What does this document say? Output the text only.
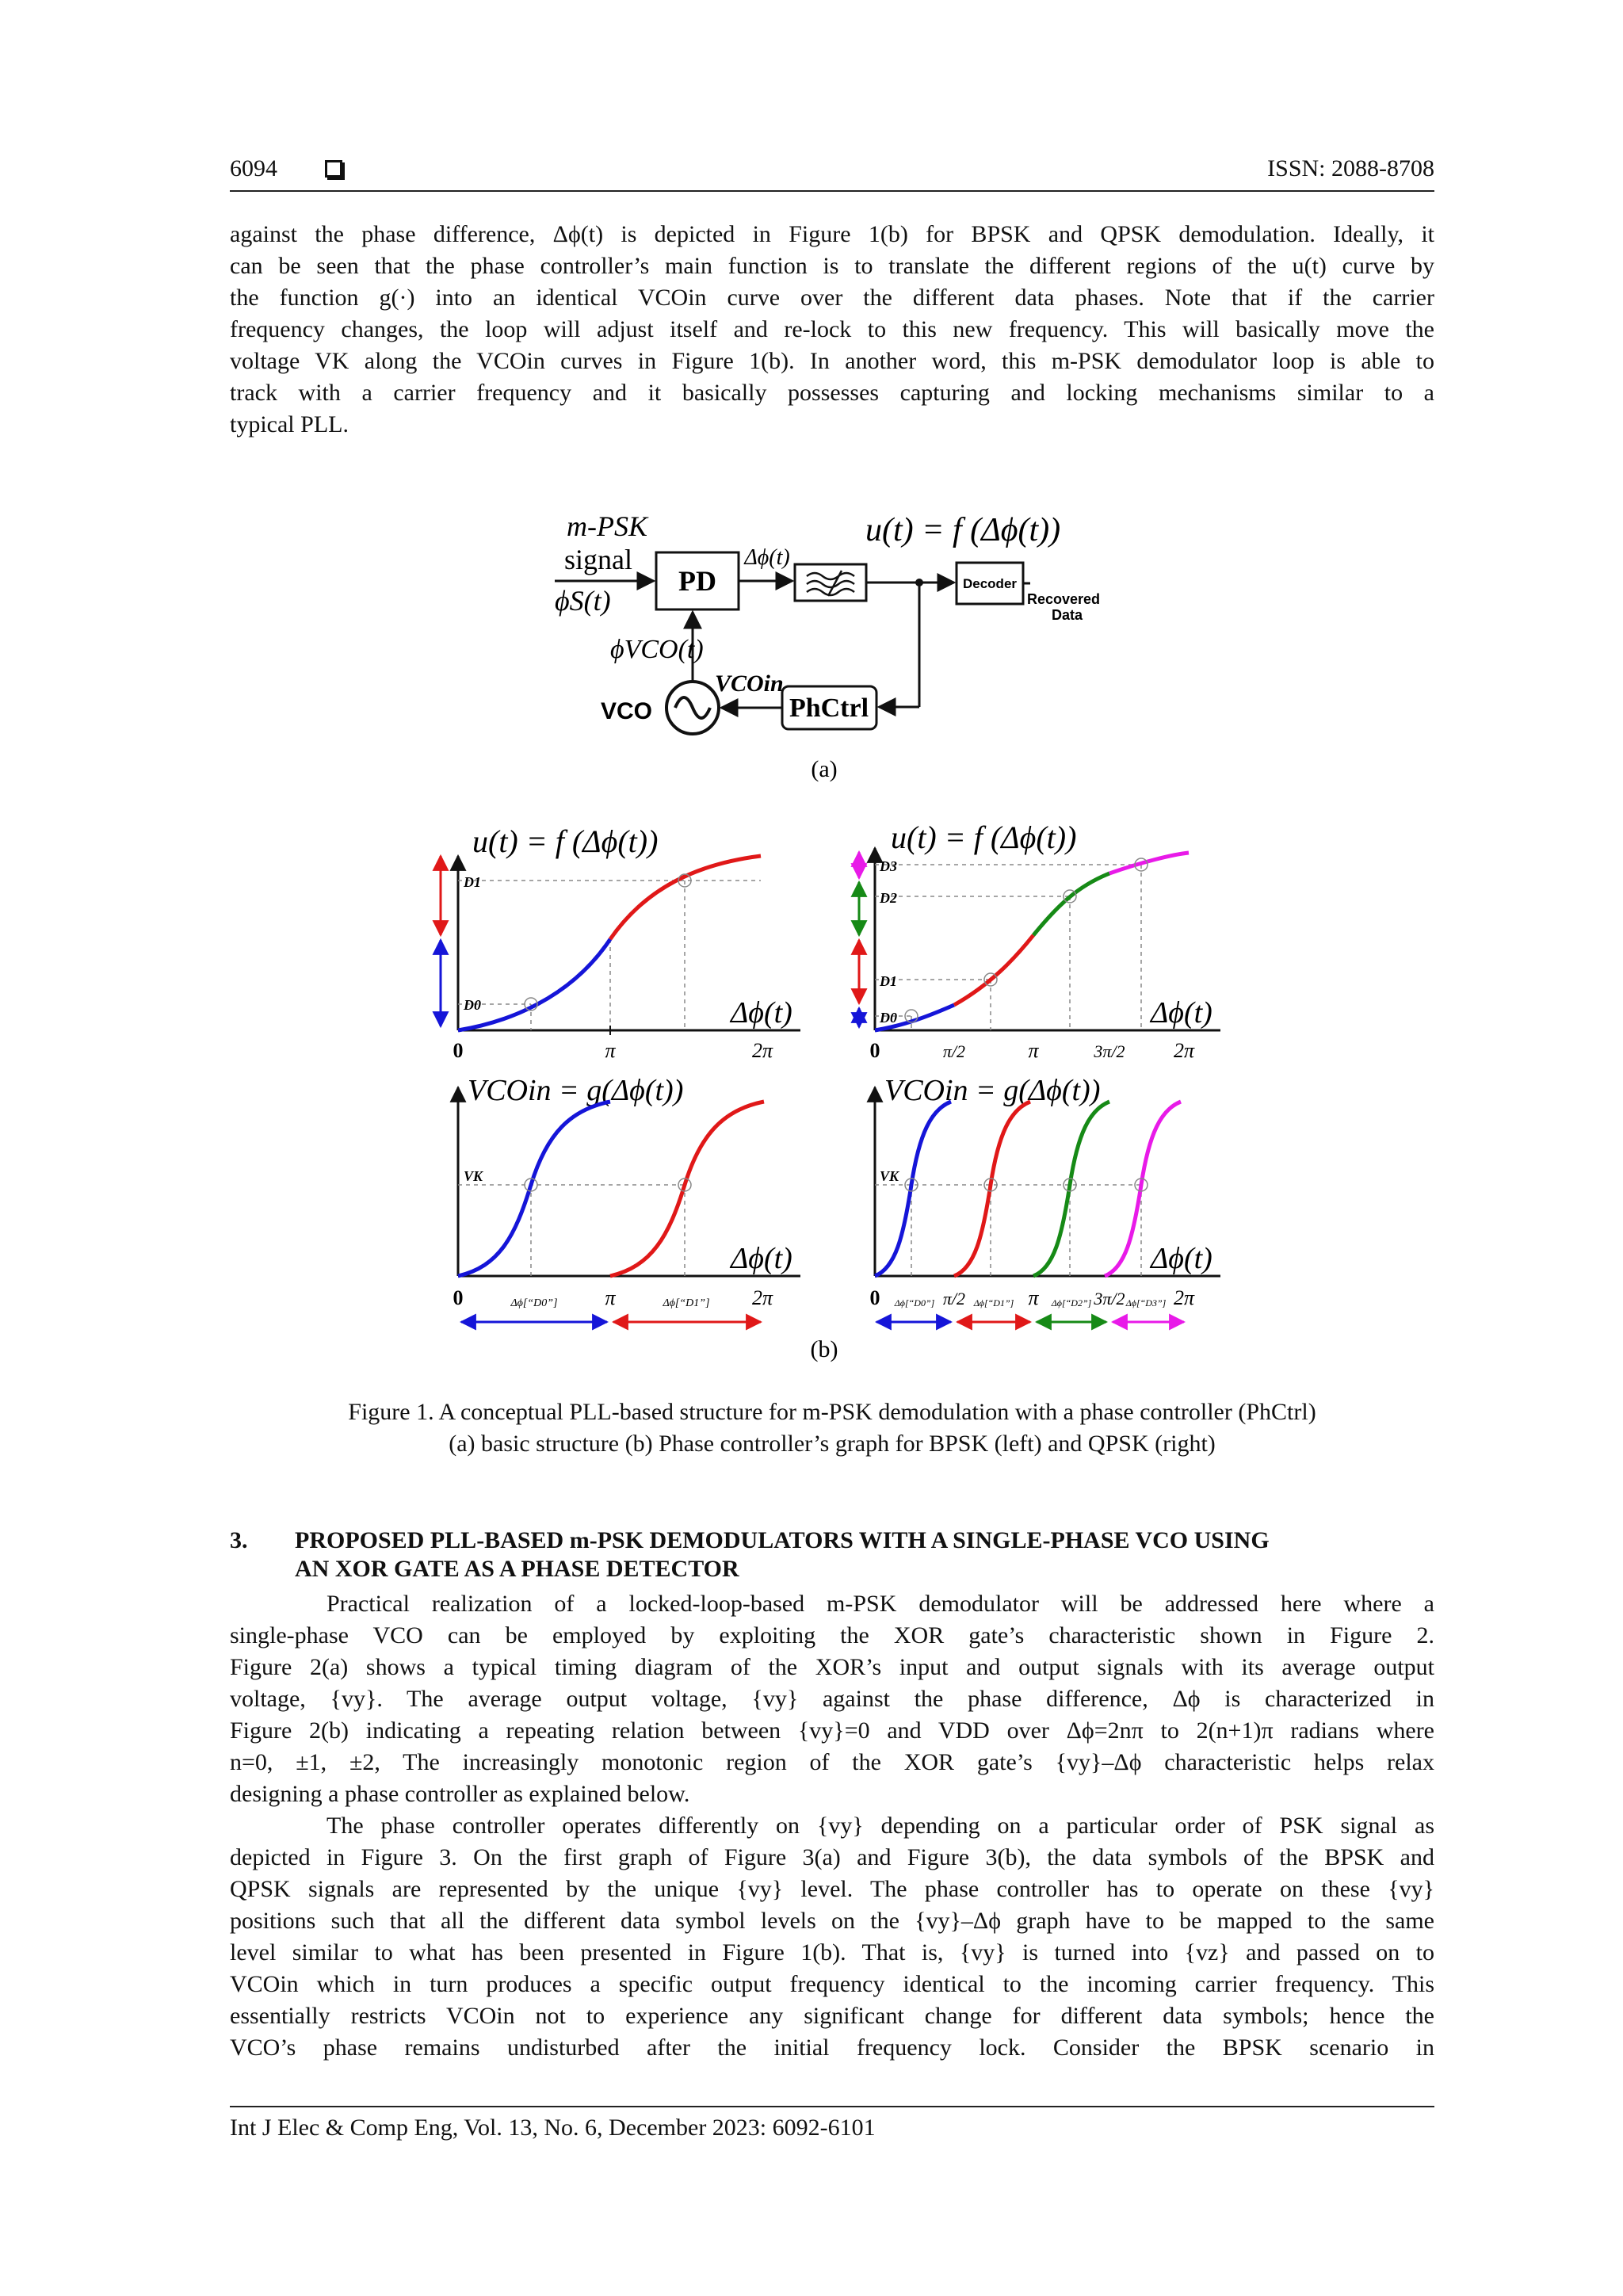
6094	ISSN: 2088-8708
against the phase difference, Δϕ(t) is depicted in Figure 1(b) for BPSK and QPSK demodulation. Ideally, it
can be seen that the phase controller’s main function is to translate the different regions of the u(t) curve by
the function g(·) into an identical VCOin curve over the different data phases. Note that if the carrier
frequency changes, the loop will adjust itself and re-lock to this new frequency. This will basically move the
voltage VK along the VCOin curves in Figure 1(b). In another word, this m-PSK demodulator loop is able to
track with a carrier frequency and it basically possesses capturing and locking mechanisms similar to a
typical PLL.
m-PSK
signal
ϕS(t)
PD
Δϕ(t)
u(t) = f (Δϕ(t))
Decoder
Recovered
Data
PhCtrl
VCOin
VCO
ϕVCO(t)
(a)
u(t) = f (Δϕ(t))
D1
D0	Δϕ(t)
0	π	2π
u(t) = f (Δϕ(t))
D3
D2
D1
D0	Δϕ(t)
0	π/2	π	3π/2 2π
VCOin = g(Δϕ(t))
VK
Δϕ(t)
0	π	2π
Δϕ[“D0”]	Δϕ[“D1”]
VCOin = g(Δϕ(t))
VK
Δϕ(t)
0	π/2	π	3π/2 2π
Δϕ[“D0”]	Δϕ[“D1”]	Δϕ[“D2”]	Δϕ[“D3”]
(b)
Figure 1. A conceptual PLL-based structure for m-PSK demodulation with a phase controller (PhCtrl)
(a) basic structure (b) Phase controller’s graph for BPSK (left) and QPSK (right)
3. PROPOSED PLL-BASED m-PSK DEMODULATORS WITH A SINGLE-PHASE VCO USING
AN XOR GATE AS A PHASE DETECTOR
Practical realization of a locked-loop-based m-PSK demodulator will be addressed here where a
single-phase VCO can be employed by exploiting the XOR gate’s characteristic shown in Figure 2.
Figure 2(a) shows a typical timing diagram of the XOR’s input and output signals with its average output
voltage, {vy}. The average output voltage, {vy} against the phase difference, Δϕ is characterized in
Figure 2(b) indicating a repeating relation between {vy}=0 and VDD over Δϕ=2nπ to 2(n+1)π radians where
n=0, ±1, ±2, The increasingly monotonic region of the XOR gate’s {vy}–Δϕ characteristic helps relax
designing a phase controller as explained below.
The phase controller operates differently on {vy} depending on a particular order of PSK signal as
depicted in Figure 3. On the first graph of Figure 3(a) and Figure 3(b), the data symbols of the BPSK and
QPSK signals are represented by the unique {vy} level. The phase controller has to operate on these {vy}
positions such that all the different data symbol levels on the {vy}–Δϕ graph have to be mapped to the same
level similar to what has been presented in Figure 1(b). That is, {vy} is turned into {vz} and passed on to
VCOin which in turn produces a specific output frequency identical to the incoming carrier frequency. This
essentially restricts VCOin not to experience any significant change for different data symbols; hence the
VCO’s phase remains undisturbed after the initial frequency lock. Consider the BPSK scenario in
Int J Elec & Comp Eng, Vol. 13, No. 6, December 2023: 6092-6101
